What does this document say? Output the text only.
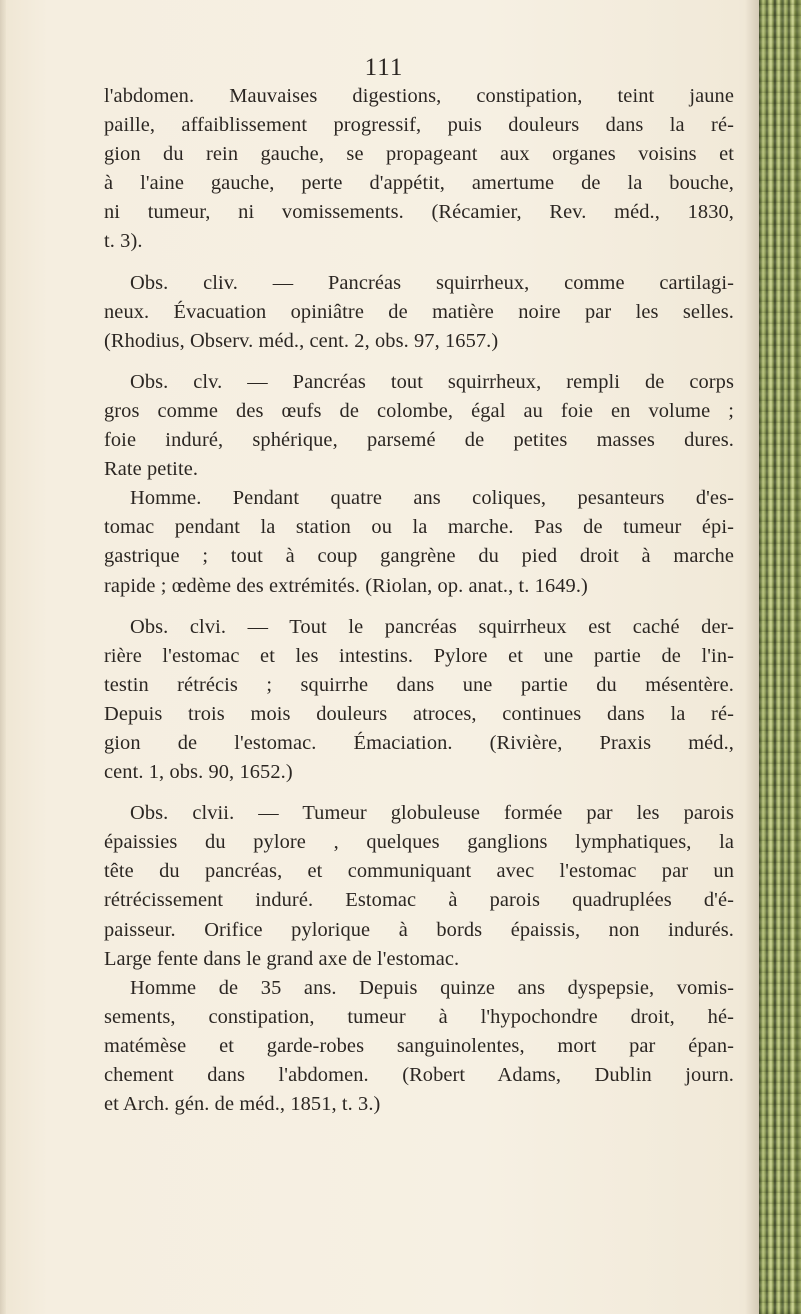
111
l'abdomen. Mauvaises digestions, constipation, teint jaune
paille, affaiblissement progressif, puis douleurs dans la ré-
gion du rein gauche, se propageant aux organes voisins et
à l'aine gauche, perte d'appétit, amertume de la bouche,
ni tumeur, ni vomissements. (Récamier, Rev. méd., 1830,
t. 3).
Obs. cliv. — Pancréas squirrheux, comme cartilagi-
neux. Évacuation opiniâtre de matière noire par les selles.
(Rhodius, Observ. méd., cent. 2, obs. 97, 1657.)
Obs. clv. — Pancréas tout squirrheux, rempli de corps
gros comme des œufs de colombe, égal au foie en volume ;
foie induré, sphérique, parsemé de petites masses dures.
Rate petite.
Homme. Pendant quatre ans coliques, pesanteurs d'es-
tomac pendant la station ou la marche. Pas de tumeur épi-
gastrique ; tout à coup gangrène du pied droit à marche
rapide ; œdème des extrémités. (Riolan, op. anat., t. 1649.)
Obs. clvi. — Tout le pancréas squirrheux est caché der-
rière l'estomac et les intestins. Pylore et une partie de l'in-
testin rétrécis ; squirrhe dans une partie du mésentère.
Depuis trois mois douleurs atroces, continues dans la ré-
gion de l'estomac. Émaciation. (Rivière, Praxis méd.,
cent. 1, obs. 90, 1652.)
Obs. clvii. — Tumeur globuleuse formée par les parois
épaissies du pylore , quelques ganglions lymphatiques, la
tête du pancréas, et communiquant avec l'estomac par un
rétrécissement induré. Estomac à parois quadruplées d'é-
paisseur. Orifice pylorique à bords épaissis, non indurés.
Large fente dans le grand axe de l'estomac.
Homme de 35 ans. Depuis quinze ans dyspepsie, vomis-
sements, constipation, tumeur à l'hypochondre droit, hé-
matémèse et garde-robes sanguinolentes, mort par épan-
chement dans l'abdomen. (Robert Adams, Dublin journ.
et Arch. gén. de méd., 1851, t. 3.)
